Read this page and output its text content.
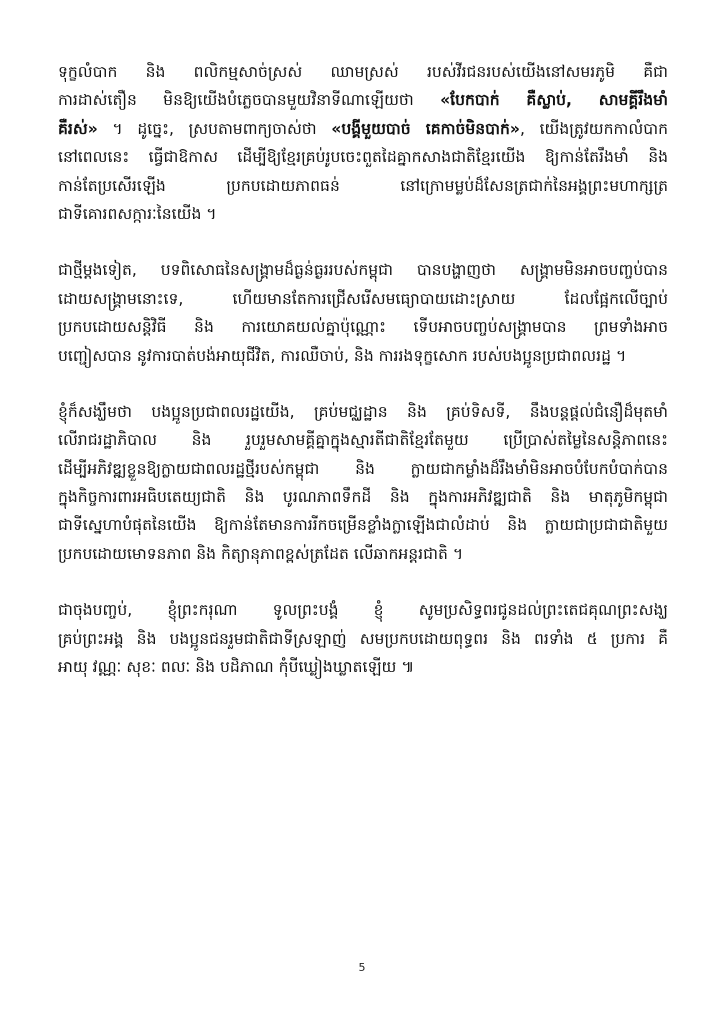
ទុក្ខលំបាក និង ពលិកម្មសាច់ស្រស់ ឈាមស្រស់ របស់វីរជនរបស់យើងនៅសមរភូមិ គឺជា
ការដាស់តឿន មិនឱ្យយើងបំភ្លេចបានមួយវិនាទីណាឡើយថា «បែកបាក់ គឺស្លាប់, សាមគ្គីរឹងមាំ
គឺរស់» ។ ដូច្នេះ, ស្របតាមពាក្យចាស់ថា «បង្គីមួយបាច់ គេកាច់មិនបាក់», យើងត្រូវយកកាលំបាក
នៅពេលនេះ ធ្វើជាឱកាស ដើម្បីឱ្យខ្មែរគ្រប់រូបចេះពួតដៃគ្នាកសាងជាតិខ្មែរយើង ឱ្យកាន់តែរឹងមាំ និង
កាន់តែប្រសើរឡើង ប្រកបដោយភាពធន់ នៅក្រោមម្លប់ដ៏សែនត្រជាក់នៃអង្គព្រះមហាក្សត្រ
ជាទីគោរពសក្ការៈនៃយើង ។

ជាថ្មីម្តងទៀត, បទពិសោធនៃសង្គ្រាមដ៏ធ្ងន់ធ្ងររបស់កម្ពុជា បានបង្ហាញថា សង្គ្រាមមិនអាចបញ្ចប់បាន
ដោយសង្គ្រាមនោះទេ, ហើយមានតែការជ្រើសរើសមធ្យោបាយដោះស្រាយ ដែលផ្អែកលើច្បាប់
ប្រកបដោយសន្តិវិធី និង ការយោគយល់គ្នាប៉ុណ្ណោះ ទើបអាចបញ្ចប់សង្គ្រាមបាន ព្រមទាំងអាច
បញ្ជៀសបាន នូវការបាត់បង់អាយុជីវិត, ការឈឺចាប់, និង ការរងទុក្ខសោក របស់បងប្អូនប្រជាពលរដ្ឋ ។

ខ្ញុំក៏សង្ឃឹមថា បងប្អូនប្រជាពលរដ្ឋយើង, គ្រប់មជ្ឈដ្ឋាន និង គ្រប់ទិសទី, នឹងបន្តផ្តល់ជំនឿដ៏មុតមាំ
លើរាជរដ្ឋាភិបាល និង រួបរួមសាមគ្គីគ្នាក្នុងស្មារតីជាតិខ្មែរតែមួយ ប្រើប្រាស់តម្លៃនៃសន្តិភាពនេះ
ដើម្បីអភិវឌ្ឍខ្លួនឱ្យក្លាយជាពលរដ្ឋថ្មីរបស់កម្ពុជា និង ក្លាយជាកម្លាំងដ៏រឹងមាំមិនអាចបំបែកបំបាក់បាន
ក្នុងកិច្ចការពារអធិបតេយ្យជាតិ និង បូរណភាពទឹកដី និង ក្នុងការអភិវឌ្ឍជាតិ និង មាតុភូមិកម្ពុជា
ជាទីស្នេហាបំផុតនៃយើង ឱ្យកាន់តែមានការរីកចម្រើនខ្លាំងក្លាឡើងជាលំដាប់ និង ក្លាយជាប្រជាជាតិមួយ
ប្រកបដោយមោទនភាព និង កិត្យានុភាពខ្ពស់ត្រដែត លើឆាកអន្តរជាតិ ។

ជាចុងបញ្ចប់, ខ្ញុំព្រះករុណា ទូលព្រះបង្គំ ខ្ញុំ សូមប្រសិទ្ធពរជូនដល់ព្រះតេជគុណព្រះសង្ឃ
គ្រប់ព្រះអង្គ និង បងប្អូនជនរួមជាតិជាទីស្រឡាញ់ សមប្រកបដោយពុទ្ធពរ និង ពរទាំង ៥ ប្រការ គឺ
អាយុ វណ្ណៈ សុខៈ ពលៈ និង បដិភាណ កុំបីឃ្លៀងឃ្លាតឡើយ ៕

5
